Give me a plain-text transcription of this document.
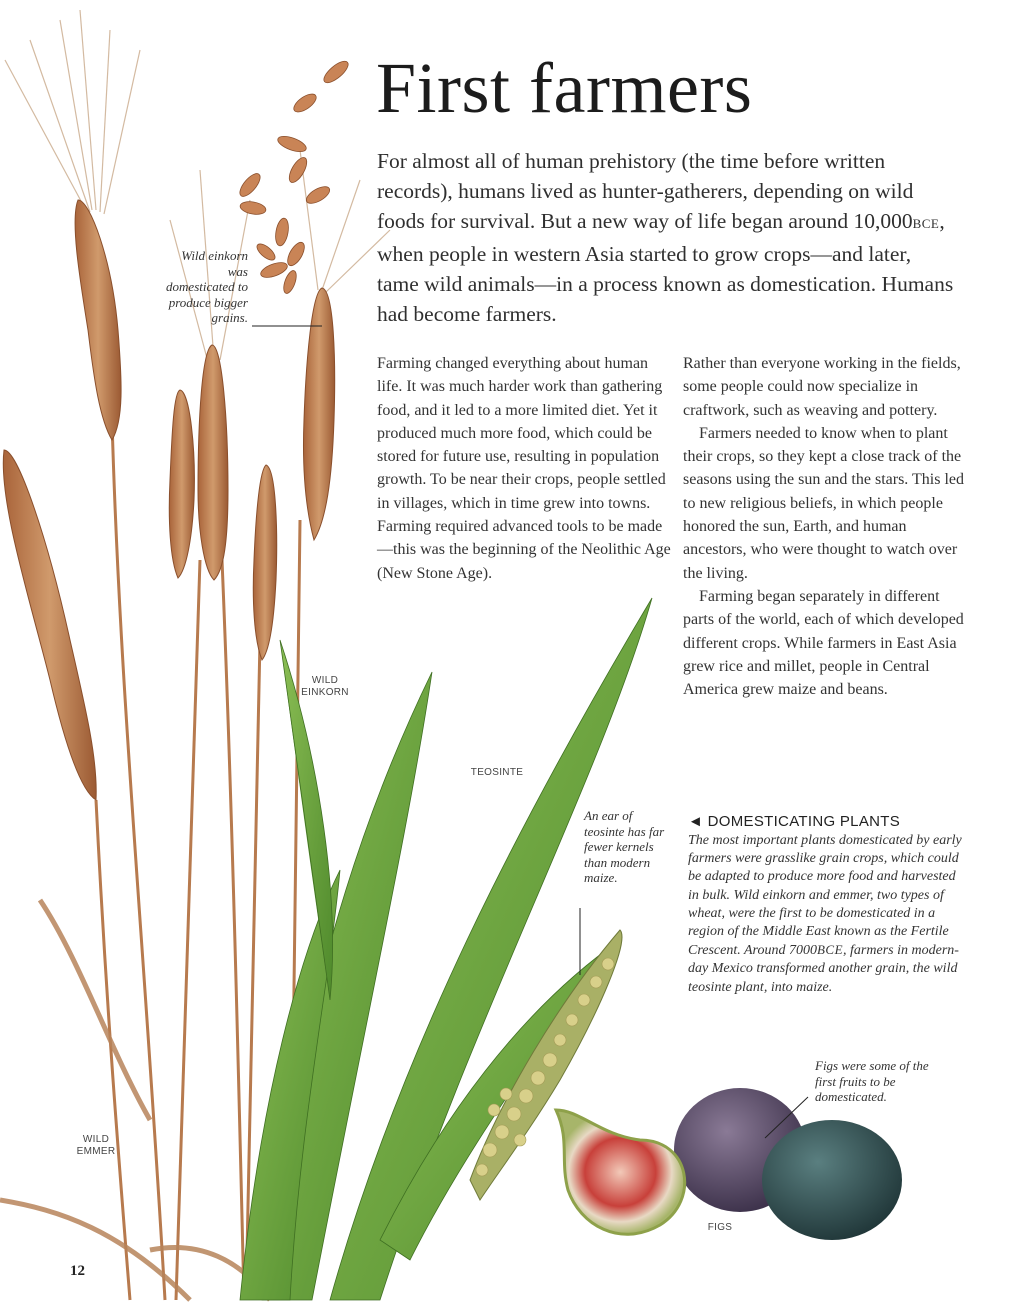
First farmers

For almost all of human prehistory (the time before written records), humans lived as hunter-gatherers, depending on wild foods for survival. But a new way of life began around 10,000BCE, when people in western Asia started to grow crops—and later, tame wild animals—in a process known as domestication. Humans had become farmers.

Farming changed everything about human life. It was much harder work than gathering food, and it led to a more limited diet. Yet it produced much more food, which could be stored for future use, resulting in population growth. To be near their crops, people settled in villages, which in time grew into towns. Farming required advanced tools to be made—this was the beginning of the Neolithic Age (New Stone Age).

Rather than everyone working in the fields, some people could now specialize in craftwork, such as weaving and pottery.

Farmers needed to know when to plant their crops, so they kept a close track of the seasons using the sun and the stars. This led to new religious beliefs, in which people honored the sun, Earth, and human ancestors, who were thought to watch over the living.

Farming began separately in different parts of the world, each of which developed different crops. While farmers in East Asia grew rice and millet, people in Central America grew maize and beans.

◄ DOMESTICATING PLANTS

The most important plants domesticated by early farmers were grasslike grain crops, which could be adapted to produce more food and harvested in bulk. Wild einkorn and emmer, two types of wheat, were the first to be domesticated in a region of the Middle East known as the Fertile Crescent. Around 7000BCE, farmers in modern-day Mexico transformed another grain, the wild teosinte plant, into maize.

Wild einkorn was domesticated to produce bigger grains.

An ear of teosinte has far fewer kernels than modern maize.

Figs were some of the first fruits to be domesticated.

WILD EINKORN

TEOSINTE

WILD EMMER

FIGS

12
